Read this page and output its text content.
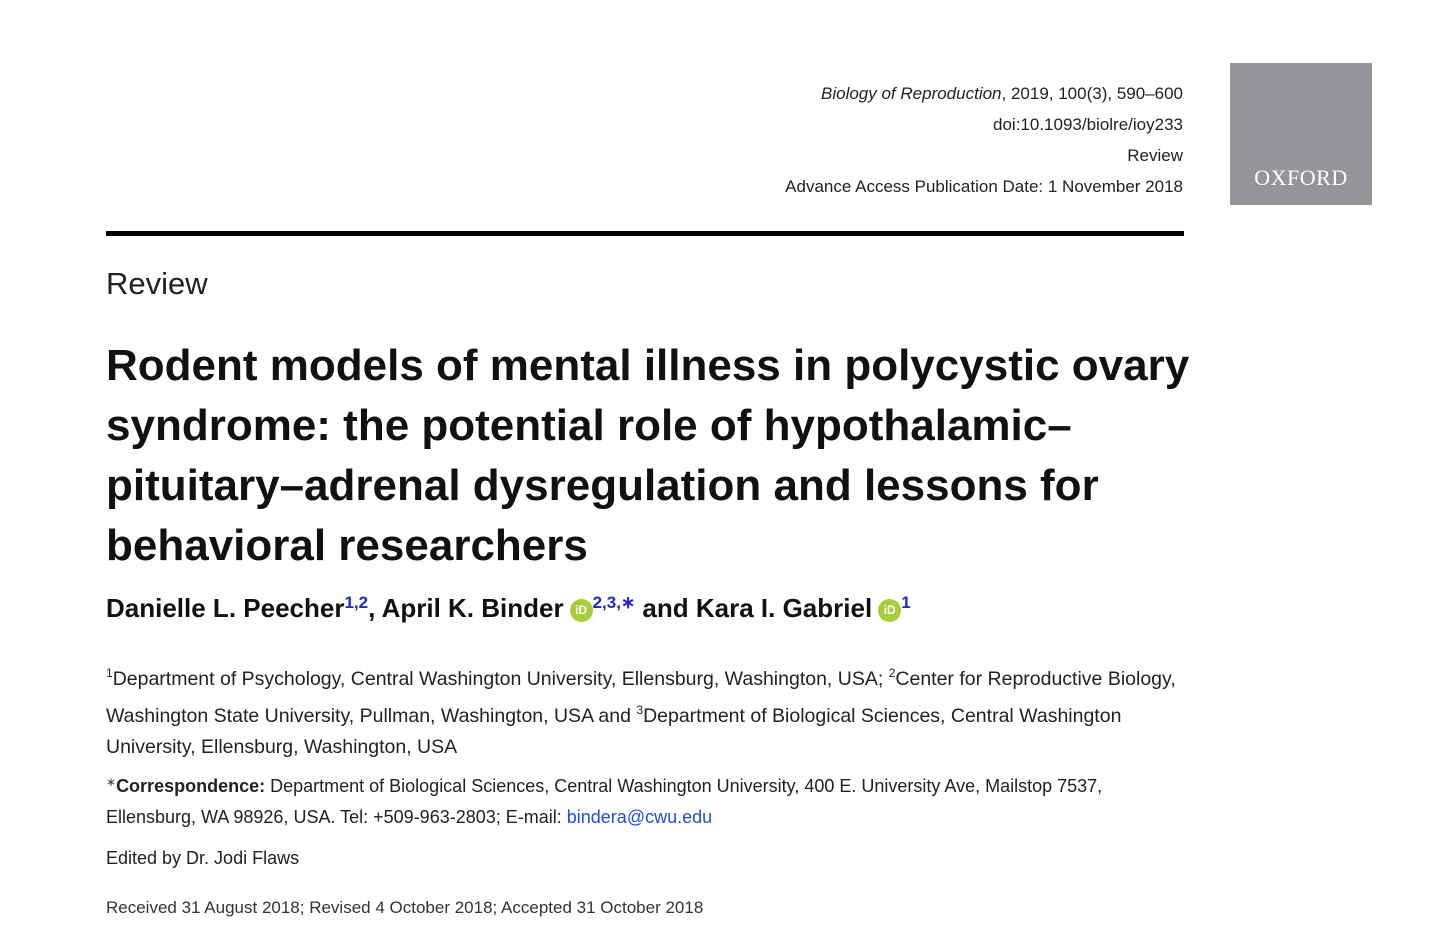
Biology of Reproduction, 2019, 100(3), 590–600
doi:10.1093/biolre/ioy233
Review
Advance Access Publication Date: 1 November 2018	OXFORD
Review
Rodent models of mental illness in polycystic ovary syndrome: the potential role of hypothalamic–pituitary–adrenal dysregulation and lessons for behavioral researchers
Danielle L. Peecher$^{1,2}$, April K. Binder iD $^{2,3,∗}$ and Kara I. Gabriel iD $^1$

$^1$Department of Psychology, Central Washington University, Ellensburg, Washington, USA; $^2$Center for Reproductive Biology, Washington State University, Pullman, Washington, USA and $^3$Department of Biological Sciences, Central Washington University, Ellensburg, Washington, USA

∗Correspondence: Department of Biological Sciences, Central Washington University, 400 E. University Ave, Mailstop 7537, Ellensburg, WA 98926, USA. Tel: +509-963-2803; E-mail: bindera@cwu.edu

Edited by Dr. Jodi Flaws
Received 31 August 2018; Revised 4 October 2018; Accepted 31 October 2018
